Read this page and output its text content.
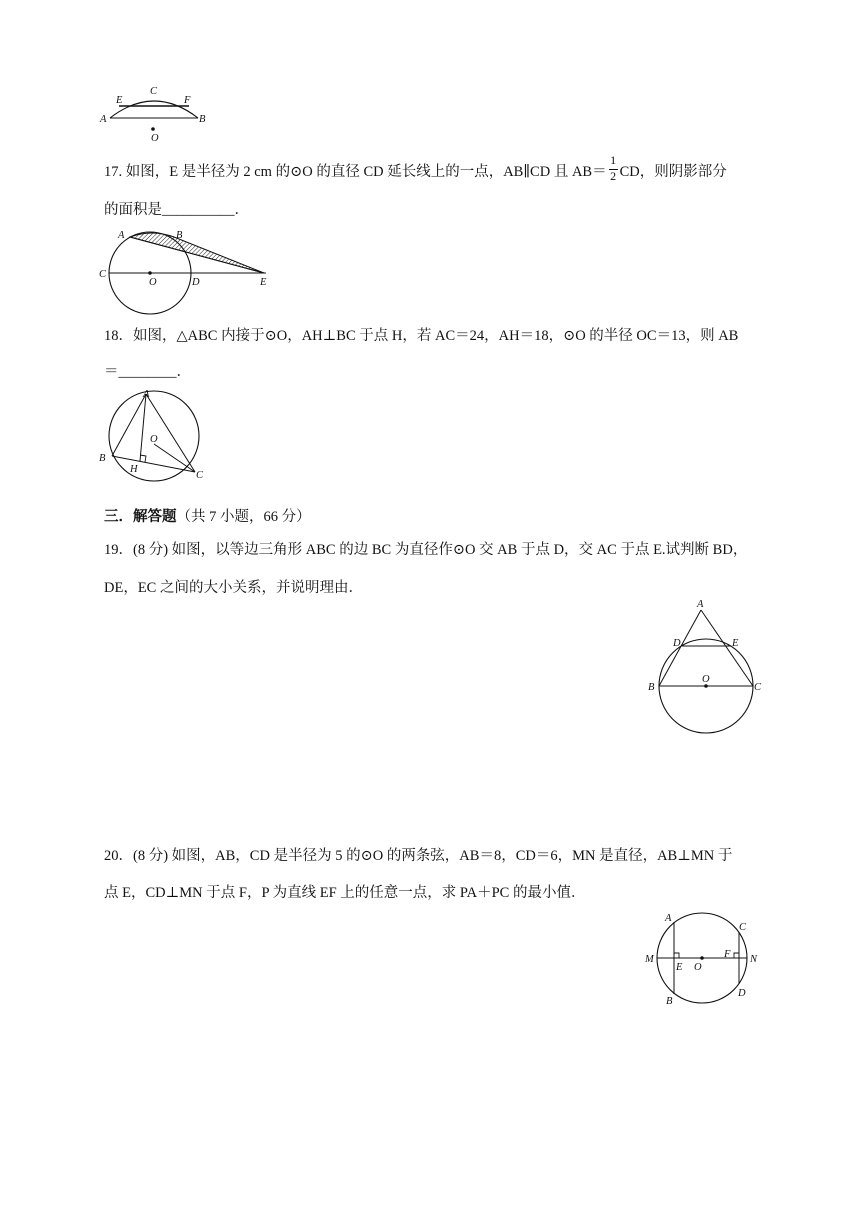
E
C
F
A	B
O
17. 如图，E 是半径为 2 cm 的⊙O 的直径 CD 延长线上的一点，AB∥CD 且 $AB= \frac{1}{2}$ CD，则阴影部分
的面积是__________．
A	B
C
O	D	E
18．如图，△ABC 内接于⊙O，AH⊥BC 于点 H，若 AC＝24，AH＝18，⊙O 的半径 OC＝13，则 AB
＝________．
A
O
B
H
C
三．解答题（共 7 小题，66 分）
19．(8 分) 如图，以等边三角形 ABC 的边 BC 为直径作⊙O 交 AB 于点 D，交 AC 于点 E.试判断 BD，
DE，EC 之间的大小关系，并说明理由．
A
D	E
O
B	C
20．(8 分) 如图，AB，CD 是半径为 5 的⊙O 的两条弦，AB＝8，CD＝6，MN 是直径，AB⊥MN 于
点 E，CD⊥MN 于点 F，P 为直线 EF 上的任意一点，求 PA＋PC 的最小值．
A
C
M
E O
F N
B
D
